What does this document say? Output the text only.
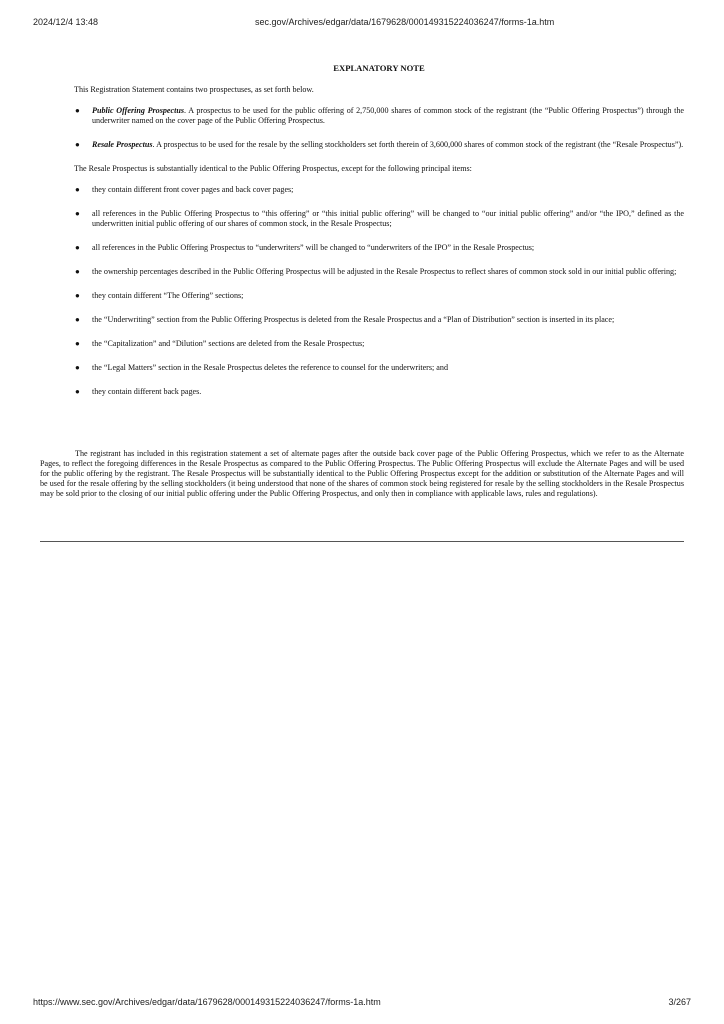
2024/12/4 13:48	sec.gov/Archives/edgar/data/1679628/000149315224036247/forms-1a.htm
EXPLANATORY NOTE

This Registration Statement contains two prospectuses, as set forth below.

● Public Offering Prospectus. A prospectus to be used for the public offering of 2,750,000 shares of common stock of the registrant (the “Public Offering Prospectus”) through the underwriter named on the cover page of the Public Offering Prospectus.
● Resale Prospectus. A prospectus to be used for the resale by the selling stockholders set forth therein of 3,600,000 shares of common stock of the registrant (the “Resale Prospectus”).

The Resale Prospectus is substantially identical to the Public Offering Prospectus, except for the following principal items:

● they contain different front cover pages and back cover pages;
● all references in the Public Offering Prospectus to “this offering” or “this initial public offering” will be changed to “our initial public offering” and/or “the IPO,” defined as the underwritten initial public offering of our shares of common stock, in the Resale Prospectus;
● all references in the Public Offering Prospectus to “underwriters” will be changed to “underwriters of the IPO” in the Resale Prospectus;
● the ownership percentages described in the Public Offering Prospectus will be adjusted in the Resale Prospectus to reflect shares of common stock sold in our initial public offering;
● they contain different “The Offering” sections;
● the “Underwriting” section from the Public Offering Prospectus is deleted from the Resale Prospectus and a “Plan of Distribution” section is inserted in its place;
● the “Capitalization” and “Dilution” sections are deleted from the Resale Prospectus;
● the “Legal Matters” section in the Resale Prospectus deletes the reference to counsel for the underwriters; and
● they contain different back pages.

The registrant has included in this registration statement a set of alternate pages after the outside back cover page of the Public Offering Prospectus, which we refer to as the Alternate Pages, to reflect the foregoing differences in the Resale Prospectus as compared to the Public Offering Prospectus. The Public Offering Prospectus will exclude the Alternate Pages and will be used for the public offering by the registrant. The Resale Prospectus will be substantially identical to the Public Offering Prospectus except for the addition or substitution of the Alternate Pages and will be used for the resale offering by the selling stockholders (it being understood that none of the shares of common stock being registered for resale by the selling stockholders in the Resale Prospectus may be sold prior to the closing of our initial public offering under the Public Offering Prospectus, and only then in compliance with applicable laws, rules and regulations).

https://www.sec.gov/Archives/edgar/data/1679628/000149315224036247/forms-1a.htm	3/267
